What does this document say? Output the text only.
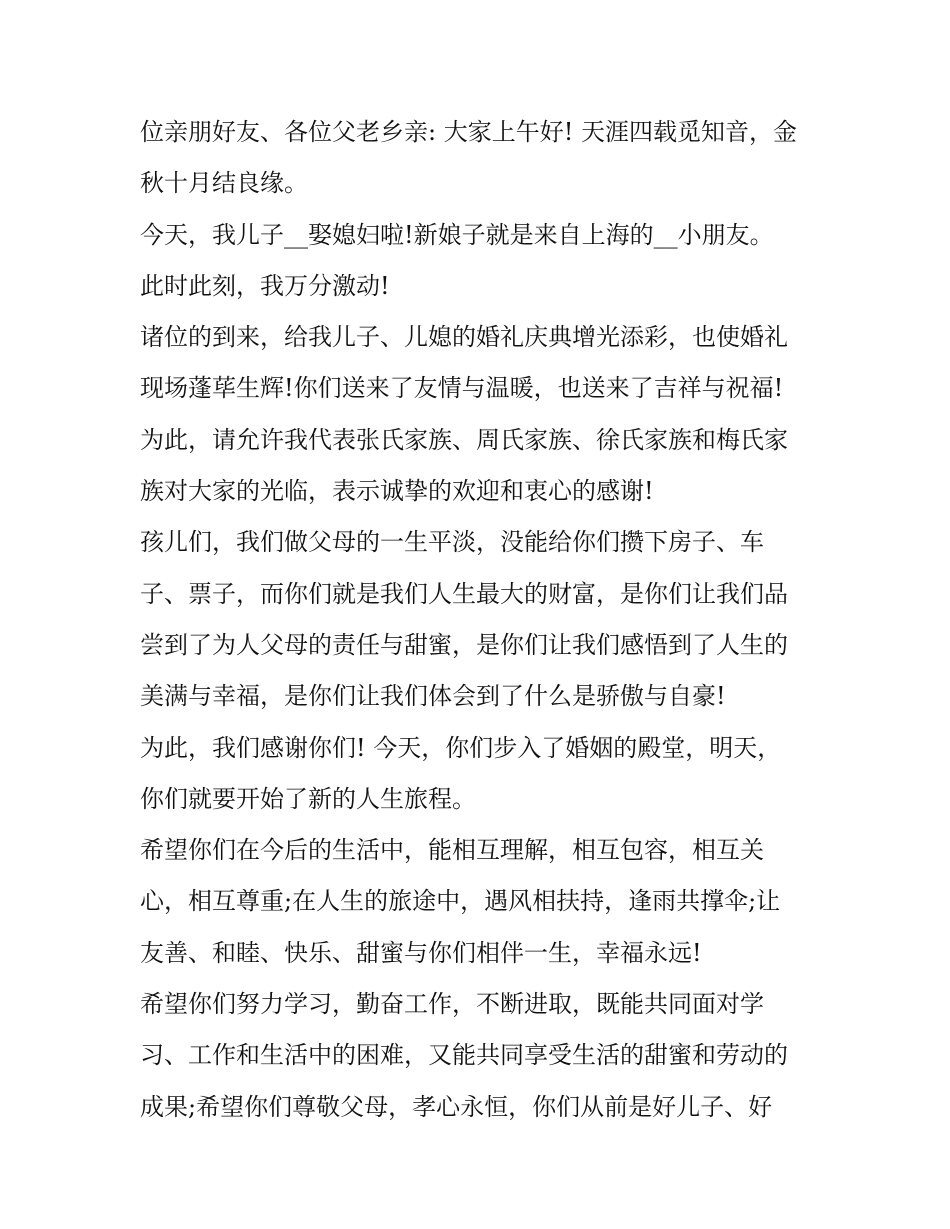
位亲朋好友、各位父老乡亲: 大家上午好! 天涯四载觅知音，金
秋十月结良缘。
今天，我儿子__娶媳妇啦!新娘子就是来自上海的__小朋友。
此时此刻，我万分激动!
诸位的到来，给我儿子、儿媳的婚礼庆典增光添彩，也使婚礼
现场蓬荜生辉!你们送来了友情与温暖，也送来了吉祥与祝福!
为此，请允许我代表张氏家族、周氏家族、徐氏家族和梅氏家
族对大家的光临，表示诚挚的欢迎和衷心的感谢!
孩儿们，我们做父母的一生平淡，没能给你们攒下房子、车
子、票子，而你们就是我们人生最大的财富，是你们让我们品
尝到了为人父母的责任与甜蜜，是你们让我们感悟到了人生的
美满与幸福，是你们让我们体会到了什么是骄傲与自豪!
为此，我们感谢你们! 今天，你们步入了婚姻的殿堂，明天，
你们就要开始了新的人生旅程。
希望你们在今后的生活中，能相互理解，相互包容，相互关
心，相互尊重;在人生的旅途中，遇风相扶持，逢雨共撑伞;让
友善、和睦、快乐、甜蜜与你们相伴一生，幸福永远!
希望你们努力学习，勤奋工作，不断进取，既能共同面对学
习、工作和生活中的困难，又能共同享受生活的甜蜜和劳动的
成果;希望你们尊敬父母，孝心永恒，你们从前是好儿子、好
